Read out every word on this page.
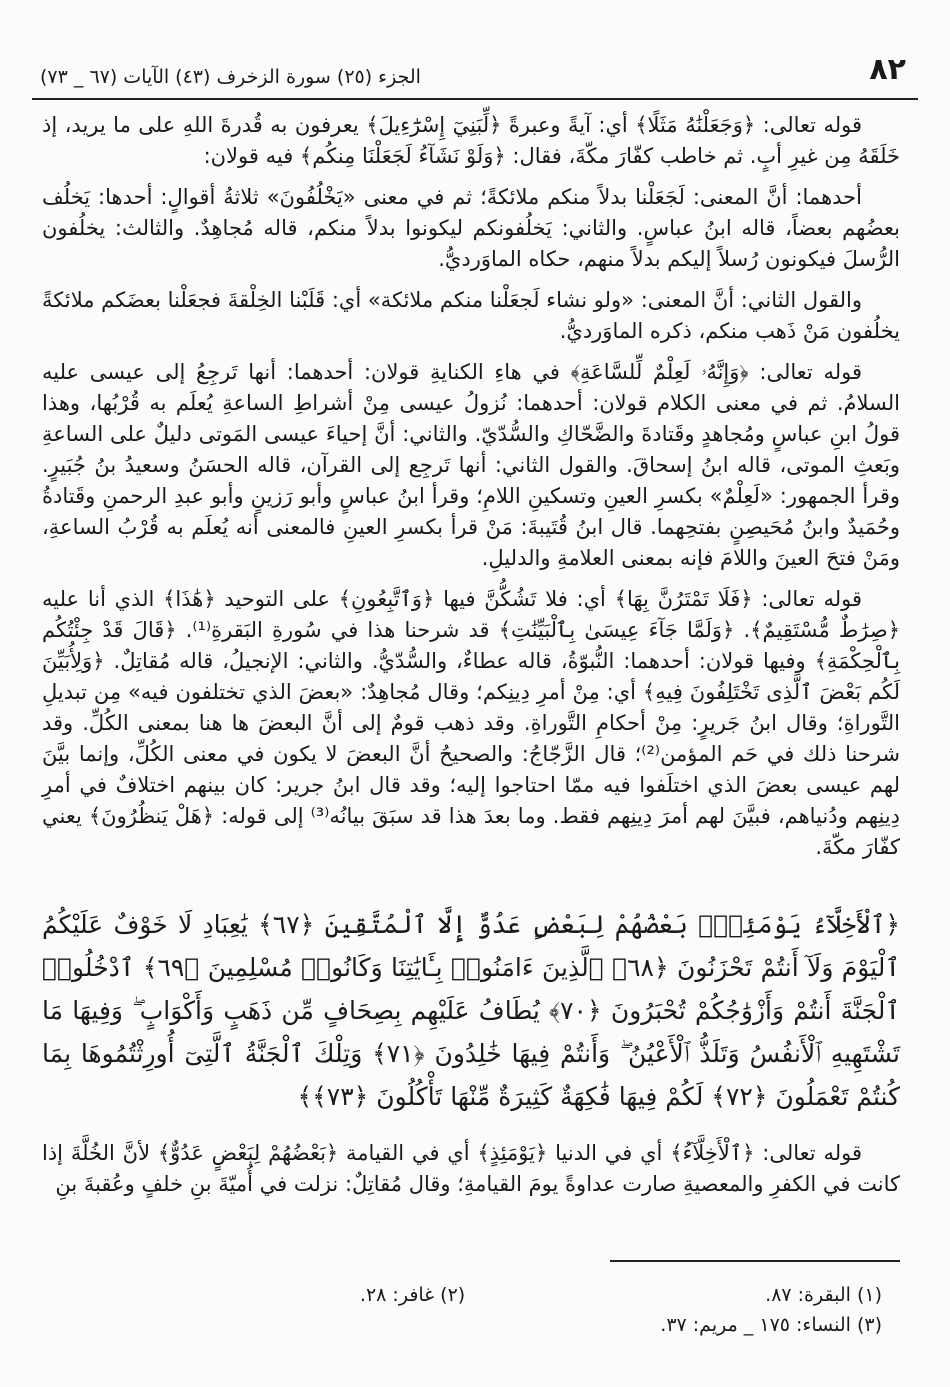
٨٢
الجزء (٢٥) سورة الزخرف (٤٣) الآيات (٦٧ _ ٧٣)

قوله تعالى: ﴿وَجَعَلْنَٰهُ مَثَلًا﴾ أي: آيةً وعبرةً ﴿لِّبَنِيٓ إِسْرَٰٓءِيلَ﴾ يعرفون به قُدرةَ اللهِ على ما يريد، إذ خَلَقَهُ مِن غيرِ أبٍ. ثم خاطب كفّارَ مكّةَ، فقال: ﴿وَلَوْ نَشَآءُ لَجَعَلْنَا مِنكُم﴾ فيه قولان:

أحدهما: أنَّ المعنى: لَجَعَلْنا بدلاً منكم ملائكةً؛ ثم في معنى «يَخْلُفُونَ» ثلاثةُ أقوالٍ: أحدها: يَخلُف بعضُهم بعضاً، قاله ابنُ عباسٍ. والثاني: يَخلُفونكم ليكونوا بدلاً منكم، قاله مُجاهِدٌ. والثالث: يخلُفون الرُّسلَ فيكونون رُسلاً إليكم بدلاً منهم، حكاه الماوَرديُّ.

والقول الثاني: أنَّ المعنى: «ولو نشاء لَجعَلْنا منكم ملائكة» أي: قَلَبْنا الخِلْقةَ فجعَلْنا بعضَكم ملائكةً يخلُفون مَنْ ذَهب منكم، ذكره الماوَرديُّ.

قوله تعالى: ﴿وَإِنَّهُۥ لَعِلْمٌ لِّلسَّاعَةِ﴾ في هاءِ الكنايةِ قولان: أحدهما: أنها تَرجِعُ إلى عيسى عليه السلامُ. ثم في معنى الكلام قولان: أحدهما: نُزولُ عيسى مِنْ أشراطِ الساعةِ يُعلَم به قُرْبُها، وهذا قولُ ابنِ عباسٍ ومُجاهدٍ وقَتادةَ والضَّحّاكِ والسُّدّيّ. والثاني: أنَّ إحياءَ عيسى المَوتى دليلٌ على الساعةِ وبَعثِ الموتى، قاله ابنُ إسحاقَ. والقول الثاني: أنها تَرجِع إلى القرآن، قاله الحسَنُ وسعيدُ بنُ جُبَيرٍ. وقرأ الجمهور: «لَعِلْمٌ» بكسرِ العينِ وتسكينِ اللامِ؛ وقرأ ابنُ عباسٍ وأبو رَزينٍ وأبو عبدِ الرحمنِ وقَتادةُ وحُمَيدٌ وابنُ مُحَيصِنٍ بفتحِهما. قال ابنُ قُتَيبةَ: مَنْ قرأ بكسرِ العينِ فالمعنى أنه يُعلَم به قُرْبُ الساعةِ، ومَنْ فتحَ العينَ واللامَ فإنه بمعنى العلامةِ والدليلِ.

قوله تعالى: ﴿فَلَا تَمْتَرُنَّ بِهَا﴾ أي: فلا تَشُكُّنَّ فيها ﴿وَٱتَّبِعُونِ﴾ على التوحيد ﴿هَٰذَا﴾ الذي أنا عليه ﴿صِرَٰطٌ مُّسْتَقِيمٌ﴾. ﴿وَلَمَّا جَآءَ عِيسَىٰ بِٱلْبَيِّنَٰتِ﴾ قد شرحنا هذا في سُورةِ البَقرةِ⁽¹⁾. ﴿قَالَ قَدْ جِئْتُكُم بِٱلْحِكْمَةِ﴾ وفيها قولان: أحدهما: النُّبوّةُ، قاله عطاءٌ، والسُّدّيُّ. والثاني: الإنجيلُ، قاله مُقاتِلٌ. ﴿وَلِأُبَيِّنَ لَكُم بَعْضَ ٱلَّذِى تَخْتَلِفُونَ فِيهِ﴾ أي: مِنْ أمرِ دِينِكم؛ وقال مُجاهِدٌ: «بعضَ الذي تختلفون فيه» مِن تبديلِ التَّوراةِ؛ وقال ابنُ جَريرٍ: مِنْ أحكامِ التَّوراةِ. وقد ذهب قومٌ إلى أنَّ البعضَ ها هنا بمعنى الكُلِّ. وقد شرحنا ذلك في حَم المؤمن⁽²⁾؛ قال الزَّجّاجُ: والصحيحُ أنَّ البعضَ لا يكون في معنى الكُلِّ، وإنما بيَّنَ لهم عيسى بعضَ الذي اختلَفوا فيه ممّا احتاجوا إليه؛ وقد قال ابنُ جرير: كان بينهم اختلافٌ في أمرِ دِينِهم ودُنياهم، فبيَّنَ لهم أمرَ دِينِهم فقط. وما بعدَ هذا قد سبَقَ بيانُه⁽³⁾ إلى قوله: ﴿هَلْ يَنظُرُونَ﴾ يعني كفّارَ مكّةَ.

﴿ٱلْأَخِلَّآءُ يَوْمَئِذٍۭ بَعْضُهُمْ لِبَعْضٍ عَدُوٌّ إِلَّا ٱلْمُتَّقِينَ ﴿٦٧﴾ يَٰعِبَادِ لَا خَوْفٌ عَلَيْكُمُ ٱلْيَوْمَ وَلَآ أَنتُمْ تَحْزَنُونَ ﴿٦٨﴾ ٱلَّذِينَ ءَامَنُوا۟ بِـَٔايَٰتِنَا وَكَانُوا۟ مُسْلِمِينَ ﴿٦٩﴾ ٱدْخُلُوا۟ ٱلْجَنَّةَ أَنتُمْ وَأَزْوَٰجُكُمْ تُحْبَرُونَ ﴿٧٠﴾ يُطَافُ عَلَيْهِم بِصِحَافٍ مِّن ذَهَبٍ وَأَكْوَابٍ ۖ وَفِيهَا مَا تَشْتَهِيهِ ٱلْأَنفُسُ وَتَلَذُّ ٱلْأَعْيُنُ ۖ وَأَنتُمْ فِيهَا خَٰلِدُونَ ﴿٧١﴾ وَتِلْكَ ٱلْجَنَّةُ ٱلَّتِىٓ أُورِثْتُمُوهَا بِمَا كُنتُمْ تَعْمَلُونَ ﴿٧٢﴾ لَكُمْ فِيهَا فَٰكِهَةٌ كَثِيرَةٌ مِّنْهَا تَأْكُلُونَ ﴿٧٣﴾﴾

قوله تعالى: ﴿ٱلْأَخِلَّآءُ﴾ أي في الدنيا ﴿يَوْمَئِذٍ﴾ أي في القيامة ﴿بَعْضُهُمْ لِبَعْضٍ عَدُوٌّ﴾ لأنَّ الخُلَّةَ إذا كانت في الكفرِ والمعصيةِ صارت عداوةً يومَ القيامةِ؛ وقال مُقاتِلٌ: نزلت في أُميّةَ بنِ خلفٍ وعُقبةَ بنِ

(١) البقرة: ٨٧.
(٢) غافر: ٢٨.
(٣) النساء: ١٧٥ _ مريم: ٣٧.
